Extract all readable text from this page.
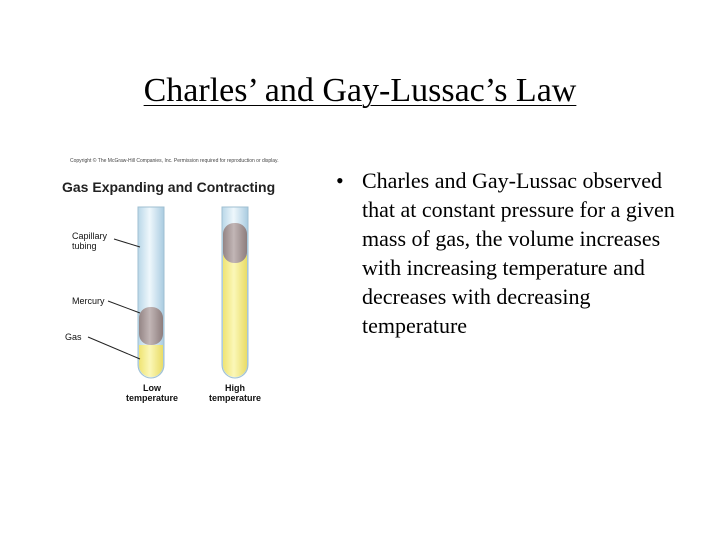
Charles’ and Gay-Lussac’s Law
Copyright © The McGraw-Hill Companies, Inc. Permission required for reproduction or display.
Gas Expanding and Contracting
Capillary
tubing
Mercury
Gas
Low
temperature
High
temperature
• Charles and Gay-Lussac observed that at constant pressure for a given mass of gas, the volume increases with increasing temperature and decreases with decreasing temperature
